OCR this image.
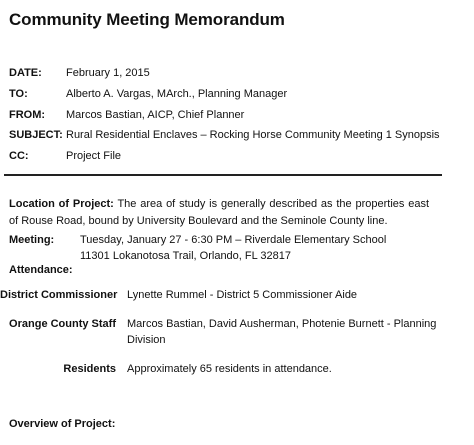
Community Meeting Memorandum
DATE: February 1, 2015
TO:	Alberto A. Vargas, MArch., Planning Manager
FROM: Marcos Bastian, AICP, Chief Planner
SUBJECT: Rural Residential Enclaves – Rocking Horse Community Meeting 1 Synopsis
CC:	Project File
Location of Project: The area of study is generally described as the properties east of Rouse Road, bound by University Boulevard and the Seminole County line.
Meeting: Tuesday, January 27 - 6:30 PM – Riverdale Elementary School
11301 Lokanotosa Trail, Orlando, FL 32817
Attendance:
District Commissioner Lynette Rummel - District 5 Commissioner Aide
Orange County Staff Marcos Bastian, David Ausherman, Photenie Burnett - Planning
Division
Residents Approximately 65 residents in attendance.
Overview of Project:
